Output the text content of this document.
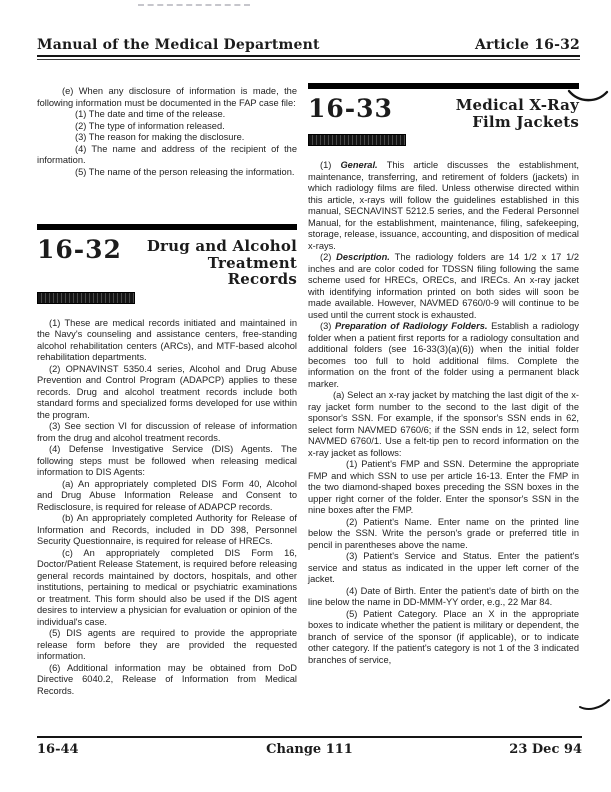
Manual of the Medical Department	Article 16-32

(e) When any disclosure of information is made, the following information must be documented in the FAP case file:

(1) The date and time of the release.

(2) The type of information released.

(3) The reason for making the disclosure.

(4) The name and address of the recipient of the information.

(5) The name of the person releasing the information.

16-32	Drug and Alcohol Treatment Records

(1) These are medical records initiated and maintained in the Navy's counseling and assistance centers, free-standing alcohol rehabilitation centers (ARCs), and MTF-based alcohol rehabilitation departments.

(2) OPNAVINST 5350.4 series, Alcohol and Drug Abuse Prevention and Control Program (ADAPCP) applies to these records. Drug and alcohol treatment records include both standard forms and specialized forms developed for use within the program.

(3) See section VI for discussion of release of information from the drug and alcohol treatment records.

(4) Defense Investigative Service (DIS) Agents. The following steps must be followed when releasing medical information to DIS Agents:

(a) An appropriately completed DIS Form 40, Alcohol and Drug Abuse Information Release and Consent to Redisclosure, is required for release of ADAPCP records.

(b) An appropriately completed Authority for Release of Information and Records, included in DD 398, Personnel Security Questionnaire, is required for release of HRECs.

(c) An appropriately completed DIS Form 16, Doctor/Patient Release Statement, is required before releasing general records maintained by doctors, hospitals, and other institutions, pertaining to medical or psychiatric examinations or treatment. This form should also be used if the DIS agent desires to interview a physician for evaluation or opinion of the individual's case.

(5) DIS agents are required to provide the appropriate release form before they are provided the requested information.

(6) Additional information may be obtained from DoD Directive 6040.2, Release of Information from Medical Records.

16-33	Medical X-Ray Film Jackets

(1) General. This article discusses the establishment, maintenance, transferring, and retirement of folders (jackets) in which radiology films are filed. Unless otherwise directed within this article, x-rays will follow the guidelines established in this manual, SECNAVINST 5212.5 series, and the Federal Personnel Manual, for the establishment, maintenance, filing, safekeeping, storage, release, issuance, accounting, and disposition of medical x-rays.

(2) Description. The radiology folders are 14 1/2 x 17 1/2 inches and are color coded for TDSSN filing following the same scheme used for HRECs, ORECs, and IRECs. An x-ray jacket with identifying information printed on both sides will soon be made available. However, NAVMED 6760/0-9 will continue to be used until the current stock is exhausted.

(3) Preparation of Radiology Folders. Establish a radiology folder when a patient first reports for a radiology consultation and additional folders (see 16-33(3)(a)(6)) when the initial folder becomes too full to hold additional films. Complete the information on the front of the folder using a permanent black marker.

(a) Select an x-ray jacket by matching the last digit of the x-ray jacket form number to the second to the last digit of the sponsor's SSN. For example, if the sponsor's SSN ends in 62, select form NAVMED 6760/6; if the SSN ends in 12, select form NAVMED 6760/1. Use a felt-tip pen to record information on the x-ray jacket as follows:

(1) Patient's FMP and SSN. Determine the appropriate FMP and which SSN to use per article 16-13. Enter the FMP in the two diamond-shaped boxes preceding the SSN boxes in the upper right corner of the folder. Enter the sponsor's SSN in the nine boxes after the FMP.

(2) Patient's Name. Enter name on the printed line below the SSN. Write the person's grade or preferred title in pencil in parentheses above the name.

(3) Patient's Service and Status. Enter the patient's service and status as indicated in the upper left corner of the jacket.

(4) Date of Birth. Enter the patient's date of birth on the line below the name in DD-MMM-YY order, e.g., 22 Mar 84.

(5) Patient Category. Place an X in the appropriate boxes to indicate whether the patient is military or dependent, the branch of service of the sponsor (if applicable), or to indicate other category. If the patient's category is not 1 of the 3 indicated branches of service,

Change 111
16-44	23 Dec 94
